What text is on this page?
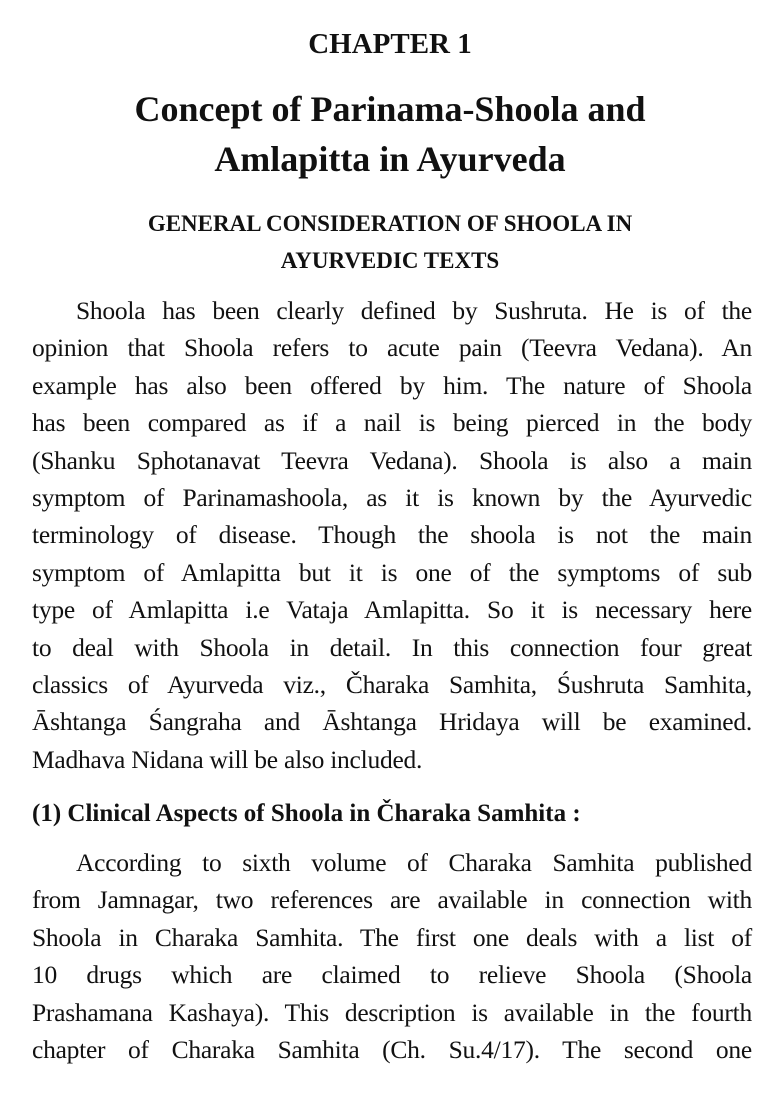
CHAPTER 1
Concept of Parinama-Shoola and
Amlapitta in Ayurveda
GENERAL CONSIDERATION OF SHOOLA IN
AYURVEDIC TEXTS
Shoola has been clearly defined by Sushruta. He is of the
opinion that Shoola refers to acute pain (Teevra Vedana). An
example has also been offered by him. The nature of Shoola
has been compared as if a nail is being pierced in the body
(Shanku Sphotanavat Teevra Vedana). Shoola is also a main
symptom of Parinamashoola, as it is known by the Ayurvedic
terminology of disease. Though the shoola is not the main
symptom of Amlapitta but it is one of the symptoms of sub
type of Amlapitta i.e Vataja Amlapitta. So it is necessary here
to deal with Shoola in detail. In this connection four great
classics of Ayurveda viz., Čharaka Samhita, Śushruta Samhita,
Āshtanga Śangraha and Āshtanga Hridaya will be examined.
Madhava Nidana will be also included.
(1) Clinical Aspects of Shoola in Čharaka Samhita :
According to sixth volume of Charaka Samhita published
from Jamnagar, two references are available in connection with
Shoola in Charaka Samhita. The first one deals with a list of
10 drugs which are claimed to relieve Shoola (Shoola
Prashamana Kashaya). This description is available in the fourth
chapter of Charaka Samhita (Ch. Su.4/17). The second one
